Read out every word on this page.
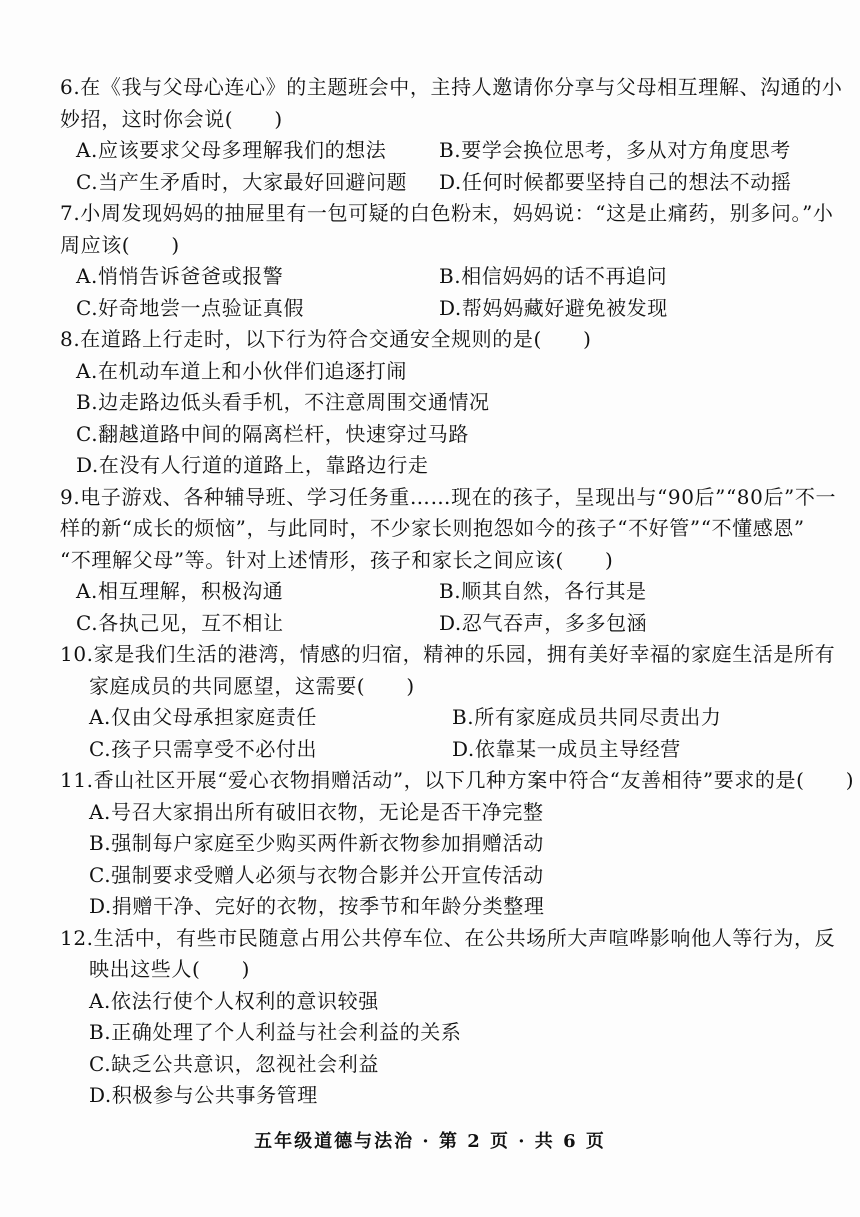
6.在《我与父母心连心》的主题班会中，主持人邀请你分享与父母相互理解、沟通的小
妙招，这时你会说(　　)

A.应该要求父母多理解我们的想法	B.要学会换位思考，多从对方角度思考
C.当产生矛盾时，大家最好回避问题	D.任何时候都要坚持自己的想法不动摇

7.小周发现妈妈的抽屉里有一包可疑的白色粉末，妈妈说：“这是止痛药，别多问。”小
周应该(　　)

A.悄悄告诉爸爸或报警	B.相信妈妈的话不再追问
C.好奇地尝一点验证真假	D.帮妈妈藏好避免被发现

8.在道路上行走时，以下行为符合交通安全规则的是(　　)

A.在机动车道上和小伙伴们追逐打闹
B.边走路边低头看手机，不注意周围交通情况
C.翻越道路中间的隔离栏杆，快速穿过马路
D.在没有人行道的道路上，靠路边行走

9.电子游戏、各种辅导班、学习任务重……现在的孩子，呈现出与“90后”“80后”不一
样的新“成长的烦恼”，与此同时，不少家长则抱怨如今的孩子“不好管”“不懂感恩”
“不理解父母”等。针对上述情形，孩子和家长之间应该(　　)

A.相互理解，积极沟通	B.顺其自然，各行其是
C.各执己见，互不相让	D.忍气吞声，多多包涵

10.家是我们生活的港湾，情感的归宿，精神的乐园，拥有美好幸福的家庭生活是所有
家庭成员的共同愿望，这需要(　　)

A.仅由父母承担家庭责任	B.所有家庭成员共同尽责出力
C.孩子只需享受不必付出	D.依靠某一成员主导经营

11.香山社区开展“爱心衣物捐赠活动”，以下几种方案中符合“友善相待”要求的是(　　)

A.号召大家捐出所有破旧衣物，无论是否干净完整
B.强制每户家庭至少购买两件新衣物参加捐赠活动
C.强制要求受赠人必须与衣物合影并公开宣传活动
D.捐赠干净、完好的衣物，按季节和年龄分类整理

12.生活中，有些市民随意占用公共停车位、在公共场所大声喧哗影响他人等行为，反
映出这些人(　　)

A.依法行使个人权利的意识较强
B.正确处理了个人利益与社会利益的关系
C.缺乏公共意识，忽视社会利益
D.积极参与公共事务管理
五年级道德与法治 · 第 2 页 · 共 6 页
